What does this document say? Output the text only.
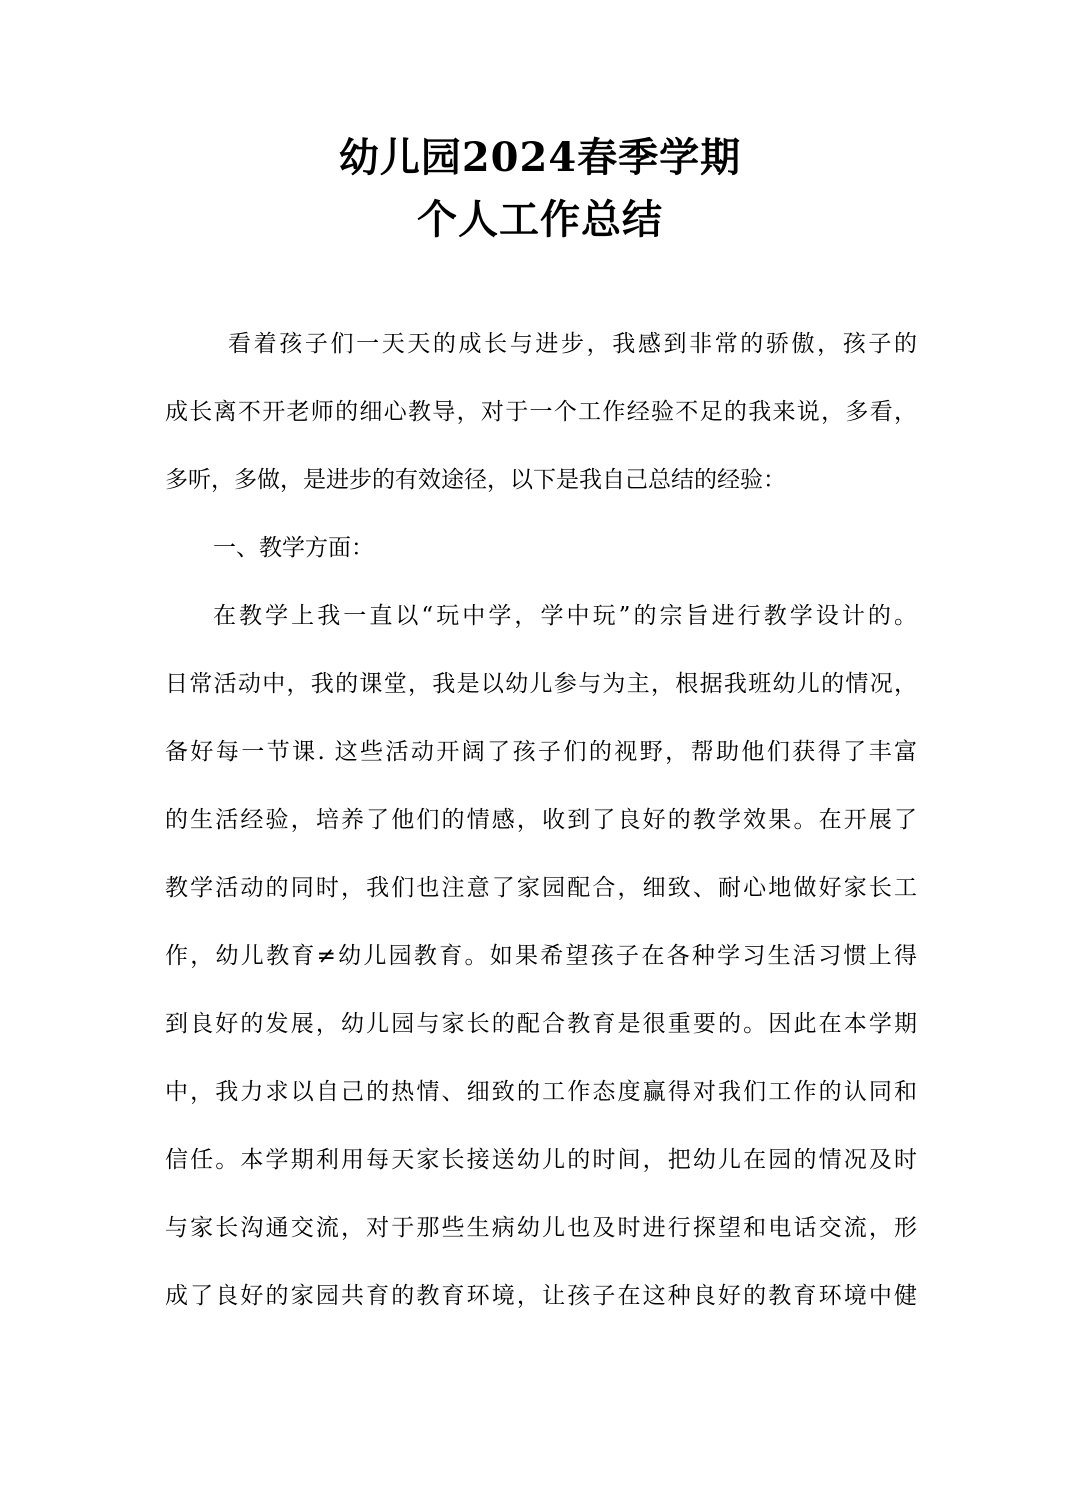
幼儿园2024春季学期
个人工作总结
看着孩子们一天天的成长与进步，我感到非常的骄傲，孩子的
成长离不开老师的细心教导，对于一个工作经验不足的我来说，多看，
多听，多做，是进步的有效途径，以下是我自己总结的经验：
一、教学方面：
在教学上我一直以“玩中学，学中玩”的宗旨进行教学设计的。
日常活动中，我的课堂，我是以幼儿参与为主，根据我班幼儿的情况，
备好每一节课. 这些活动开阔了孩子们的视野，帮助他们获得了丰富
的生活经验，培养了他们的情感，收到了良好的教学效果。在开展了
教学活动的同时，我们也注意了家园配合，细致、耐心地做好家长工
作，幼儿教育≠幼儿园教育。如果希望孩子在各种学习生活习惯上得
到良好的发展，幼儿园与家长的配合教育是很重要的。因此在本学期
中，我力求以自己的热情、细致的工作态度赢得对我们工作的认同和
信任。本学期利用每天家长接送幼儿的时间，把幼儿在园的情况及时
与家长沟通交流，对于那些生病幼儿也及时进行探望和电话交流，形
成了良好的家园共育的教育环境，让孩子在这种良好的教育环境中健
